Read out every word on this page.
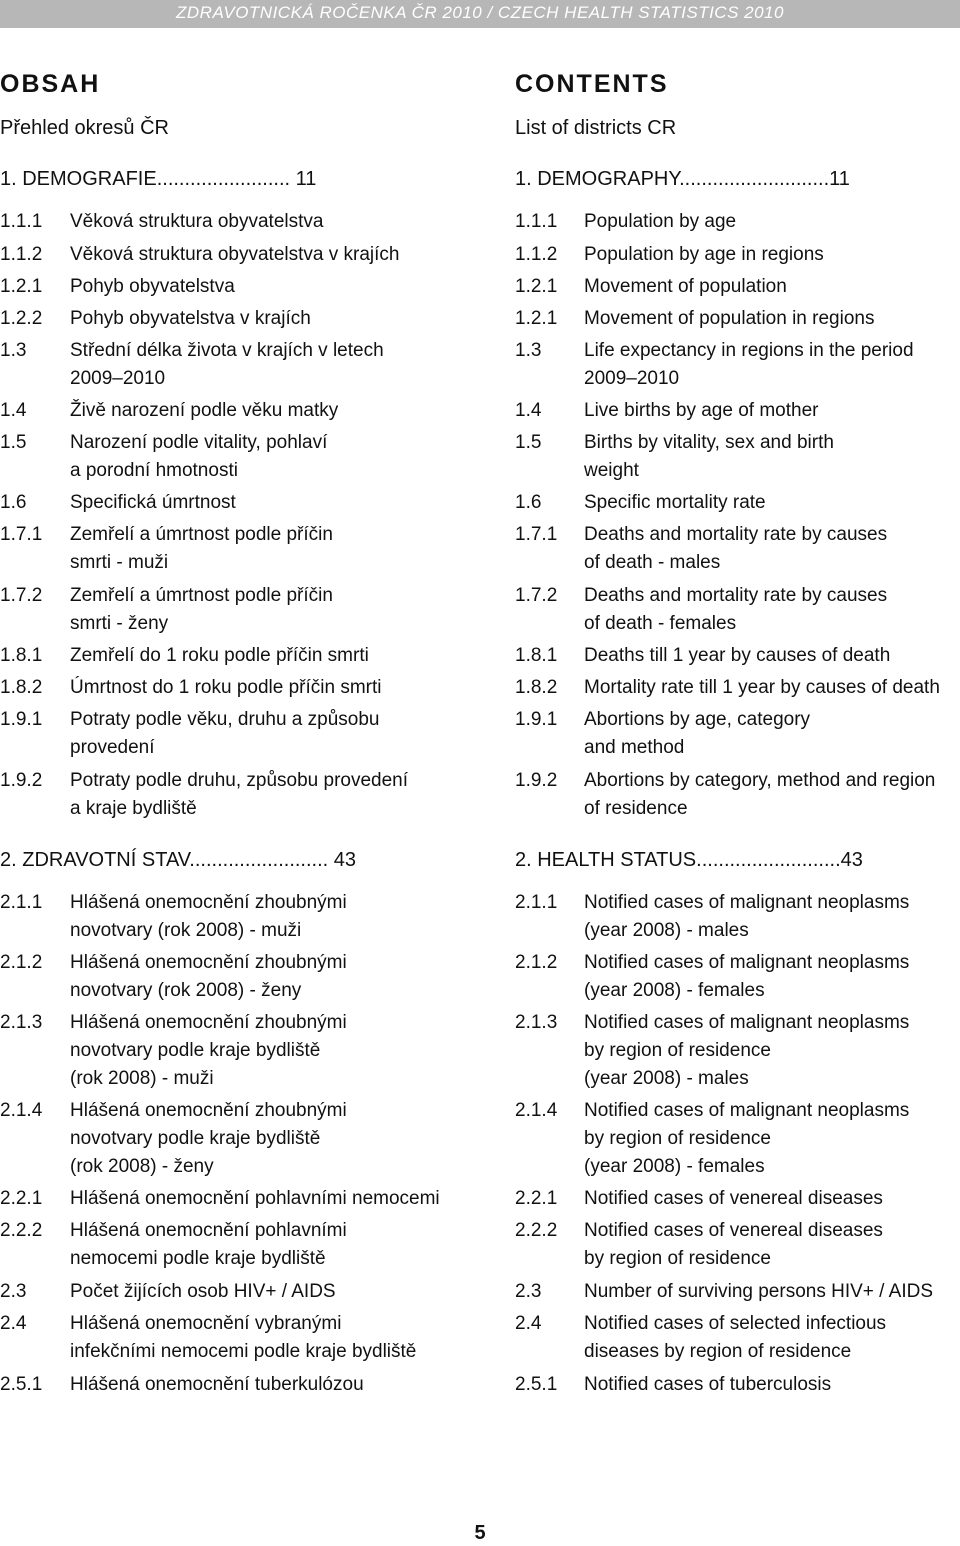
ZDRAVOTNICKÁ ROČENKA ČR 2010 / CZECH HEALTH STATISTICS 2010
OBSAH
Přehled okresů ČR
1. DEMOGRAFIE........................ 11
1.1.1 Věková struktura obyvatelstva
1.1.2 Věková struktura obyvatelstva v krajích
1.2.1 Pohyb obyvatelstva
1.2.2 Pohyb obyvatelstva v krajích
1.3 Střední délka života v krajích v letech
2009–2010
1.4 Živě narození podle věku matky
1.5 Narození podle vitality, pohlaví
a porodní hmotnosti
1.6 Specifická úmrtnost
1.7.1 Zemřelí a úmrtnost podle příčin
smrti - muži
1.7.2 Zemřelí a úmrtnost podle příčin
smrti - ženy
1.8.1 Zemřelí do 1 roku podle příčin smrti
1.8.2 Úmrtnost do 1 roku podle příčin smrti
1.9.1 Potraty podle věku, druhu a způsobu
provedení
1.9.2 Potraty podle druhu, způsobu provedení
a kraje bydliště
2. ZDRAVOTNÍ STAV......................... 43
2.1.1 Hlášená onemocnění zhoubnými
novotvary (rok 2008) - muži
2.1.2 Hlášená onemocnění zhoubnými
novotvary (rok 2008) - ženy
2.1.3 Hlášená onemocnění zhoubnými
novotvary podle kraje bydliště
(rok 2008) - muži
2.1.4 Hlášená onemocnění zhoubnými
novotvary podle kraje bydliště
(rok 2008) - ženy
2.2.1 Hlášená onemocnění pohlavními nemocemi
2.2.2 Hlášená onemocnění pohlavními
nemocemi podle kraje bydliště
2.3 Počet žijících osob HIV+ / AIDS
2.4 Hlášená onemocnění vybranými
infekčními nemocemi podle kraje bydliště
2.5.1 Hlášená onemocnění tuberkulózou
CONTENTS
List of districts CR
1. DEMOGRAPHY...........................11
1.1.1 Population by age
1.1.2 Population by age in regions
1.2.1 Movement of population
1.2.1 Movement of population in regions
1.3 Life expectancy in regions in the period
2009–2010
1.4 Live births by age of mother
1.5 Births by vitality, sex and birth
weight
1.6 Specific mortality rate
1.7.1 Deaths and mortality rate by causes
of death - males
1.7.2 Deaths and mortality rate by causes
of death - females
1.8.1 Deaths till 1 year by causes of death
1.8.2 Mortality rate till 1 year by causes of death
1.9.1 Abortions by age, category
and method
1.9.2 Abortions by category, method and region
of residence
2. HEALTH STATUS..........................43
2.1.1 Notified cases of malignant neoplasms
(year 2008) - males
2.1.2 Notified cases of malignant neoplasms
(year 2008) - females
2.1.3 Notified cases of malignant neoplasms
by region of residence
(year 2008) - males
2.1.4 Notified cases of malignant neoplasms
by region of residence
(year 2008) - females
2.2.1 Notified cases of venereal diseases
2.2.2 Notified cases of venereal diseases
by region of residence
2.3 Number of surviving persons HIV+ / AIDS
2.4 Notified cases of selected infectious
diseases by region of residence
2.5.1 Notified cases of tuberculosis
5
